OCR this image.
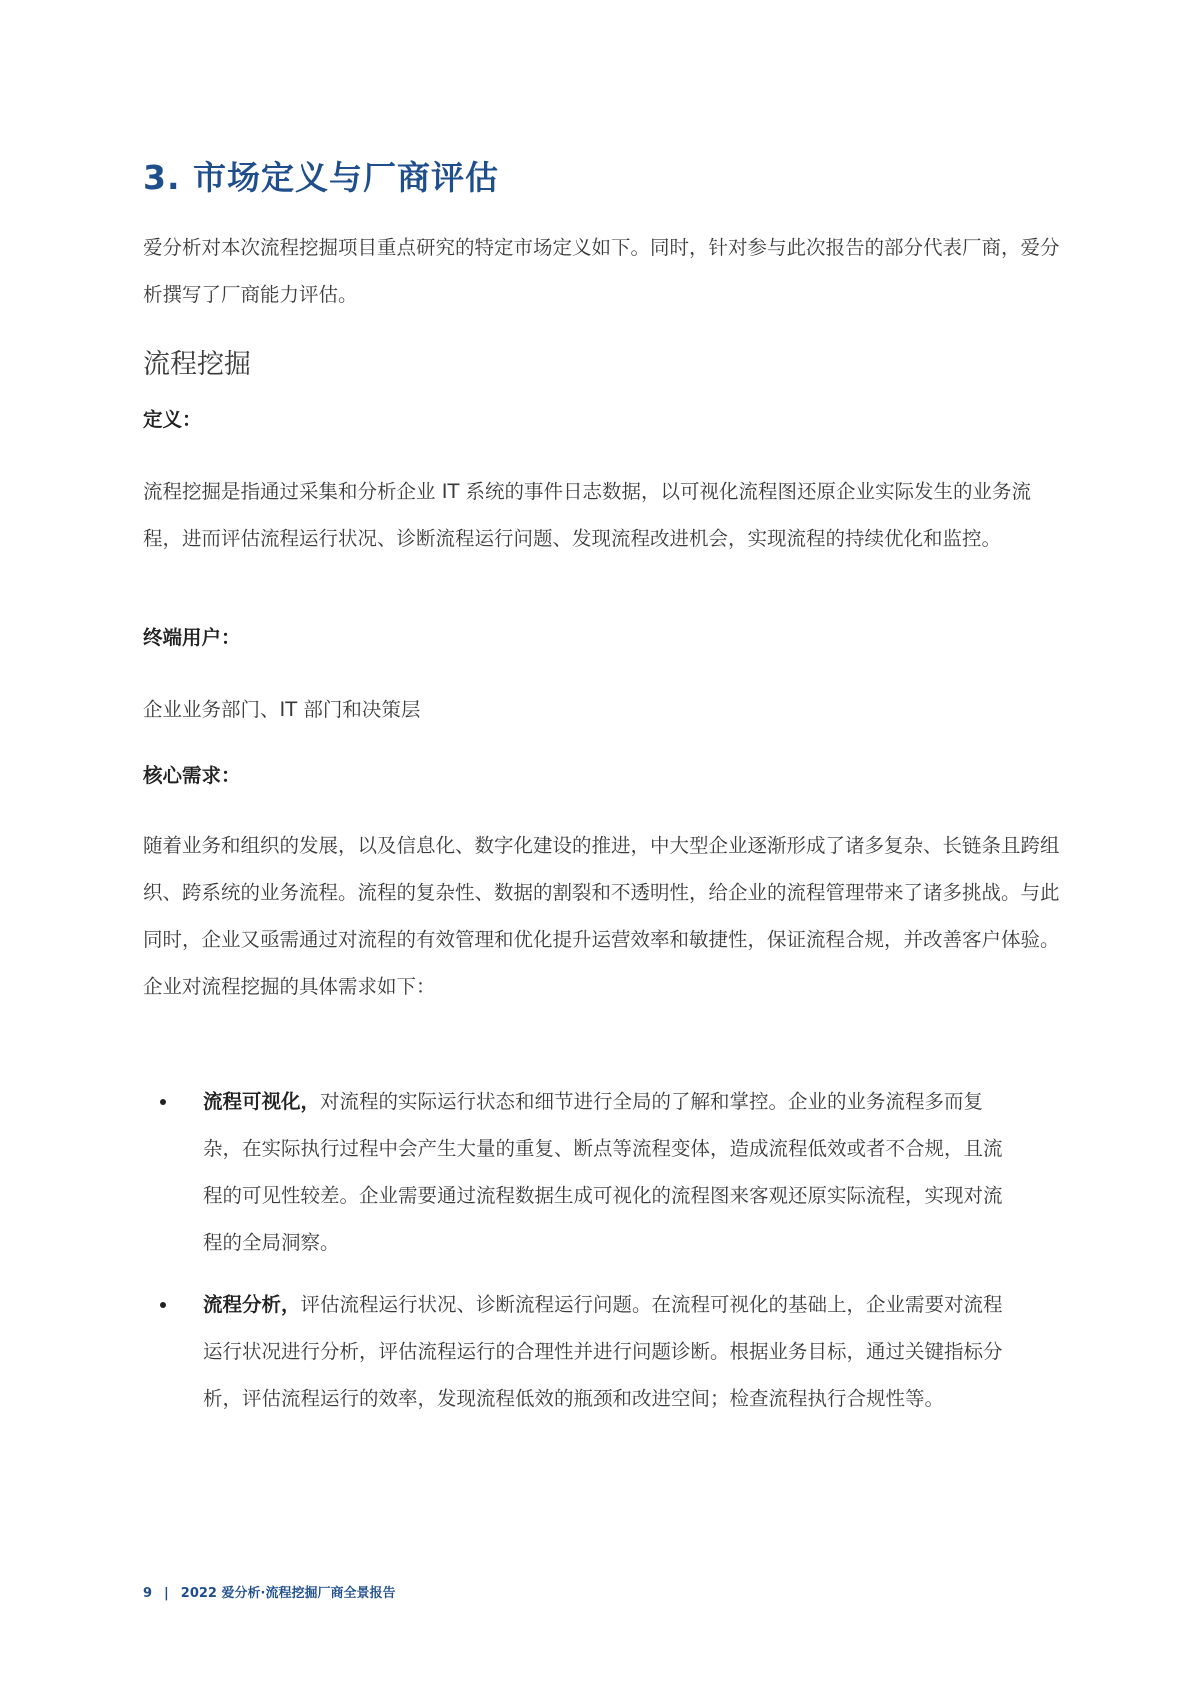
3. 市场定义与厂商评估

爱分析对本次流程挖掘项目重点研究的特定市场定义如下。同时，针对参与此次报告的部分代表厂商，爱分析撰写了厂商能力评估。

流程挖掘
定义：

流程挖掘是指通过采集和分析企业 IT 系统的事件日志数据，以可视化流程图还原企业实际发生的业务流程，进而评估流程运行状况、诊断流程运行问题、发现流程改进机会，实现流程的持续优化和监控。

终端用户：

企业业务部门、IT 部门和决策层

核心需求：

随着业务和组织的发展，以及信息化、数字化建设的推进，中大型企业逐渐形成了诸多复杂、长链条且跨组织、跨系统的业务流程。流程的复杂性、数据的割裂和不透明性，给企业的流程管理带来了诸多挑战。与此同时，企业又亟需通过对流程的有效管理和优化提升运营效率和敏捷性，保证流程合规，并改善客户体验。企业对流程挖掘的具体需求如下：

流程可视化，对流程的实际运行状态和细节进行全局的了解和掌控。企业的业务流程多而复杂，在实际执行过程中会产生大量的重复、断点等流程变体，造成流程低效或者不合规，且流程的可见性较差。企业需要通过流程数据生成可视化的流程图来客观还原实际流程，实现对流程的全局洞察。
流程分析，评估流程运行状况、诊断流程运行问题。在流程可视化的基础上，企业需要对流程运行状况进行分析，评估流程运行的合理性并进行问题诊断。根据业务目标，通过关键指标分析，评估流程运行的效率，发现流程低效的瓶颈和改进空间；检查流程执行合规性等。
9 | 2022 爱分析·流程挖掘厂商全景报告
